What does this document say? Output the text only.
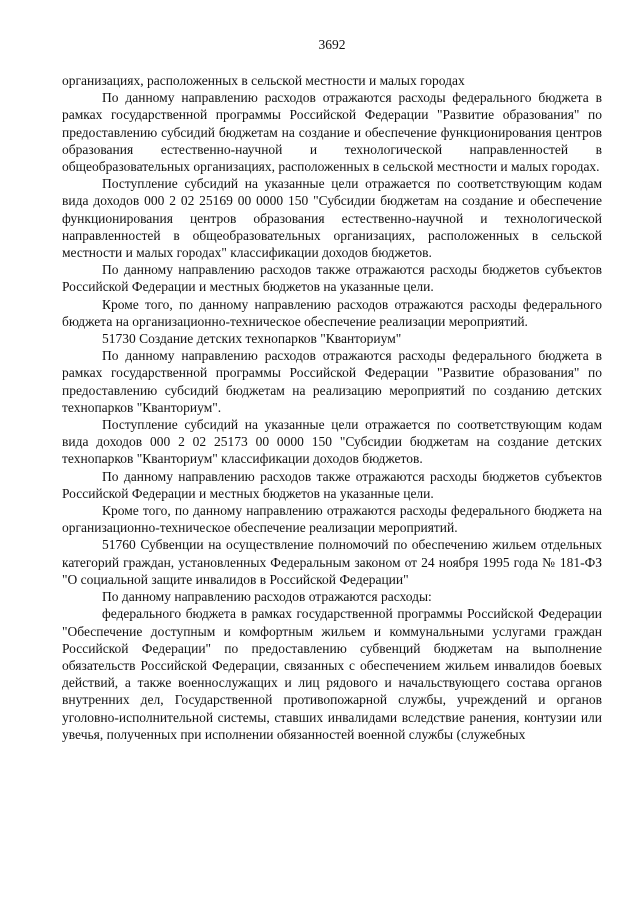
3692

организациях, расположенных в сельской местности и малых городах

По данному направлению расходов отражаются расходы федерального бюджета в рамках государственной программы Российской Федерации "Развитие образования" по предоставлению субсидий бюджетам на создание и обеспечение функционирования центров образования естественно-научной и технологической направленностей в общеобразовательных организациях, расположенных в сельской местности и малых городах.

Поступление субсидий на указанные цели отражается по соответствующим кодам вида доходов 000 2 02 25169 00 0000 150 "Субсидии бюджетам на создание и обеспечение функционирования центров образования естественно-научной и технологической направленностей в общеобразовательных организациях, расположенных в сельской местности и малых городах" классификации доходов бюджетов.

По данному направлению расходов также отражаются расходы бюджетов субъектов Российской Федерации и местных бюджетов на указанные цели.

Кроме того, по данному направлению расходов отражаются расходы федерального бюджета на организационно-техническое обеспечение реализации мероприятий.

51730 Создание детских технопарков "Кванториум"

По данному направлению расходов отражаются расходы федерального бюджета в рамках государственной программы Российской Федерации "Развитие образования" по предоставлению субсидий бюджетам на реализацию мероприятий по созданию детских технопарков "Кванториум".

Поступление субсидий на указанные цели отражается по соответствующим кодам вида доходов 000 2 02 25173 00 0000 150 "Субсидии бюджетам на создание детских технопарков "Кванториум" классификации доходов бюджетов.

По данному направлению расходов также отражаются расходы бюджетов субъектов Российской Федерации и местных бюджетов на указанные цели.

Кроме того, по данному направлению отражаются расходы федерального бюджета на организационно-техническое обеспечение реализации мероприятий.

51760 Субвенции на осуществление полномочий по обеспечению жильем отдельных категорий граждан, установленных Федеральным законом от 24 ноября 1995 года № 181-ФЗ "О социальной защите инвалидов в Российской Федерации"

По данному направлению расходов отражаются расходы:

федерального бюджета в рамках государственной программы Российской Федерации "Обеспечение доступным и комфортным жильем и коммунальными услугами граждан Российской Федерации" по предоставлению субвенций бюджетам на выполнение обязательств Российской Федерации, связанных с обеспечением жильем инвалидов боевых действий, а также военнослужащих и лиц рядового и начальствующего состава органов внутренних дел, Государственной противопожарной службы, учреждений и органов уголовно-исполнительной системы, ставших инвалидами вследствие ранения, контузии или увечья, полученных при исполнении обязанностей военной службы (служебных
